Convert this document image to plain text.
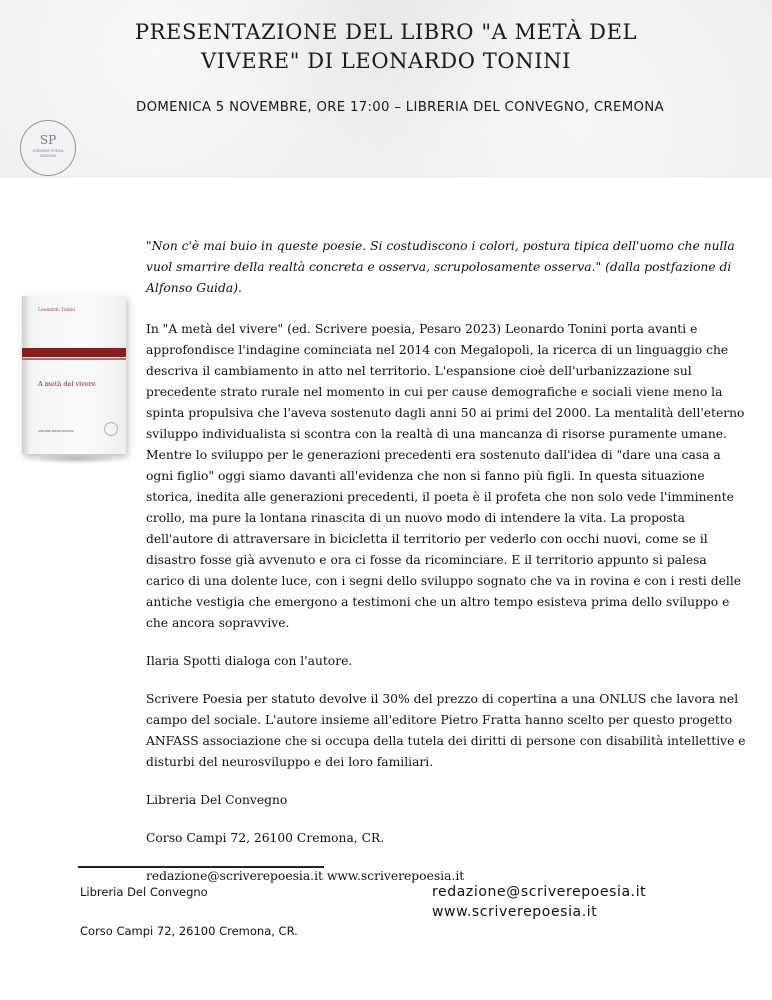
PRESENTAZIONE DEL LIBRO "A METÀ DEL
VIVERE" DI LEONARDO TONINI
DOMENICA 5 NOVEMBRE, ORE 17:00 – LIBRERIA DEL CONVEGNO, CREMONA
SP
SCRIVERE POESIA EDIZIONI
Leonardo Tonini
A metà del vivere
SCRIVERE POESIA EDIZIONI

"Non c'è mai buio in queste poesie. Si costudiscono i colori, postura tipica dell'uomo che nulla vuol smarrire della realtà concreta e osserva, scrupolosamente osserva." (dalla postfazione di Alfonso Guida).

In "A metà del vivere" (ed. Scrivere poesia, Pesaro 2023) Leonardo Tonini porta avanti e approfondisce l'indagine cominciata nel 2014 con Megalopoli, la ricerca di un linguaggio che descriva il cambiamento in atto nel territorio. L'espansione cioè dell'urbanizzazione sul precedente strato rurale nel momento in cui per cause demografiche e sociali viene meno la spinta propulsiva che l'aveva sostenuto dagli anni 50 ai primi del 2000. La mentalità dell'eterno sviluppo individualista si scontra con la realtà di una mancanza di risorse puramente umane. Mentre lo sviluppo per le generazioni precedenti era sostenuto dall'idea di "dare una casa a ogni figlio" oggi siamo davanti all'evidenza che non si fanno più figli. In questa situazione storica, inedita alle generazioni precedenti, il poeta è il profeta che non solo vede l'imminente crollo, ma pure la lontana rinascita di un nuovo modo di intendere la vita. La proposta dell'autore di attraversare in bicicletta il territorio per vederlo con occhi nuovi, come se il disastro fosse già avvenuto e ora ci fosse da ricominciare. E il territorio appunto si palesa carico di una dolente luce, con i segni dello sviluppo sognato che va in rovina e con i resti delle antiche vestigia che emergono a testimoni che un altro tempo esisteva prima dello sviluppo e che ancora sopravvive.

Ilaria Spotti dialoga con l'autore.

Scrivere Poesia per statuto devolve il 30% del prezzo di copertina a una ONLUS che lavora nel campo del sociale. L'autore insieme all'editore Pietro Fratta hanno scelto per questo progetto ANFASS associazione che si occupa della tutela dei diritti di persone con disabilità intellettive e disturbi del neurosviluppo e dei loro familiari.

Libreria Del Convegno

Corso Campi 72, 26100 Cremona, CR.

redazione@scriverepoesia.it www.scriverepoesia.it

Libreria Del Convegno
Corso Campi 72, 26100 Cremona, CR.
redazione@scriverepoesia.it
www.scriverepoesia.it
